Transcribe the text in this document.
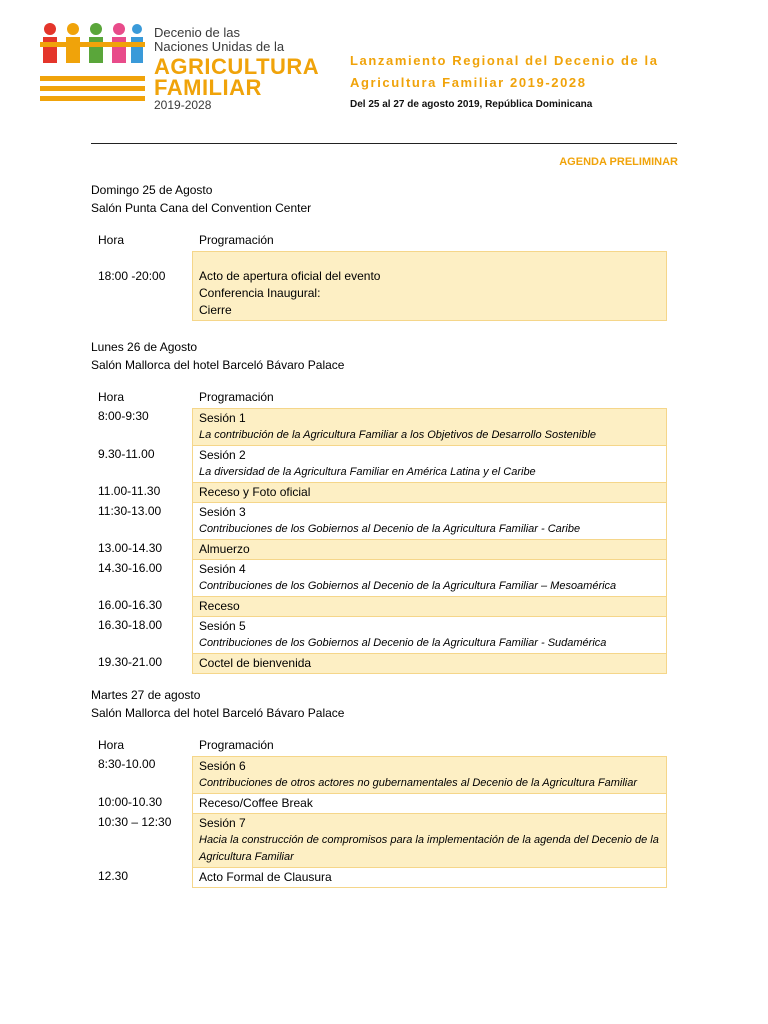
Decenio de las
Naciones Unidas de la
AGRICULTURA
FAMILIAR
2019-2028
Lanzamiento Regional del Decenio de la Agricultura Familiar 2019-2028
Del 25 al 27 de agosto 2019, República Dominicana
AGENDA PRELIMINAR
Domingo 25 de Agosto
Salón Punta Cana del Convention Center
Hora	Programación
18:00 -20:00	Acto de apertura oficial del evento
Conferencia Inaugural:
Cierre
Lunes 26 de Agosto
Salón Mallorca del hotel Barceló Bávaro Palace
Hora	Programación
8:00-9:30	Sesión 1
La contribución de la Agricultura Familiar a los Objetivos de Desarrollo Sostenible
9.30-11.00	Sesión 2
La diversidad de la Agricultura Familiar en América Latina y el Caribe
11.00-11.30	Receso y Foto oficial
11:30-13.00	Sesión 3
Contribuciones de los Gobiernos al Decenio de la Agricultura Familiar - Caribe
13.00-14.30	Almuerzo
14.30-16.00	Sesión 4
Contribuciones de los Gobiernos al Decenio de la Agricultura Familiar – Mesoamérica
16.00-16.30	Receso
16.30-18.00	Sesión 5
Contribuciones de los Gobiernos al Decenio de la Agricultura Familiar - Sudamérica
19.30-21.00	Coctel de bienvenida
Martes 27 de agosto
Salón Mallorca del hotel Barceló Bávaro Palace
Hora	Programación
8:30-10.00	Sesión 6
Contribuciones de otros actores no gubernamentales al Decenio de la Agricultura Familiar
10:00-10.30	Receso/Coffee Break
10:30 – 12:30	Sesión 7
Hacia la construcción de compromisos para la implementación de la agenda del Decenio de la Agricultura Familiar
12.30	Acto Formal de Clausura
